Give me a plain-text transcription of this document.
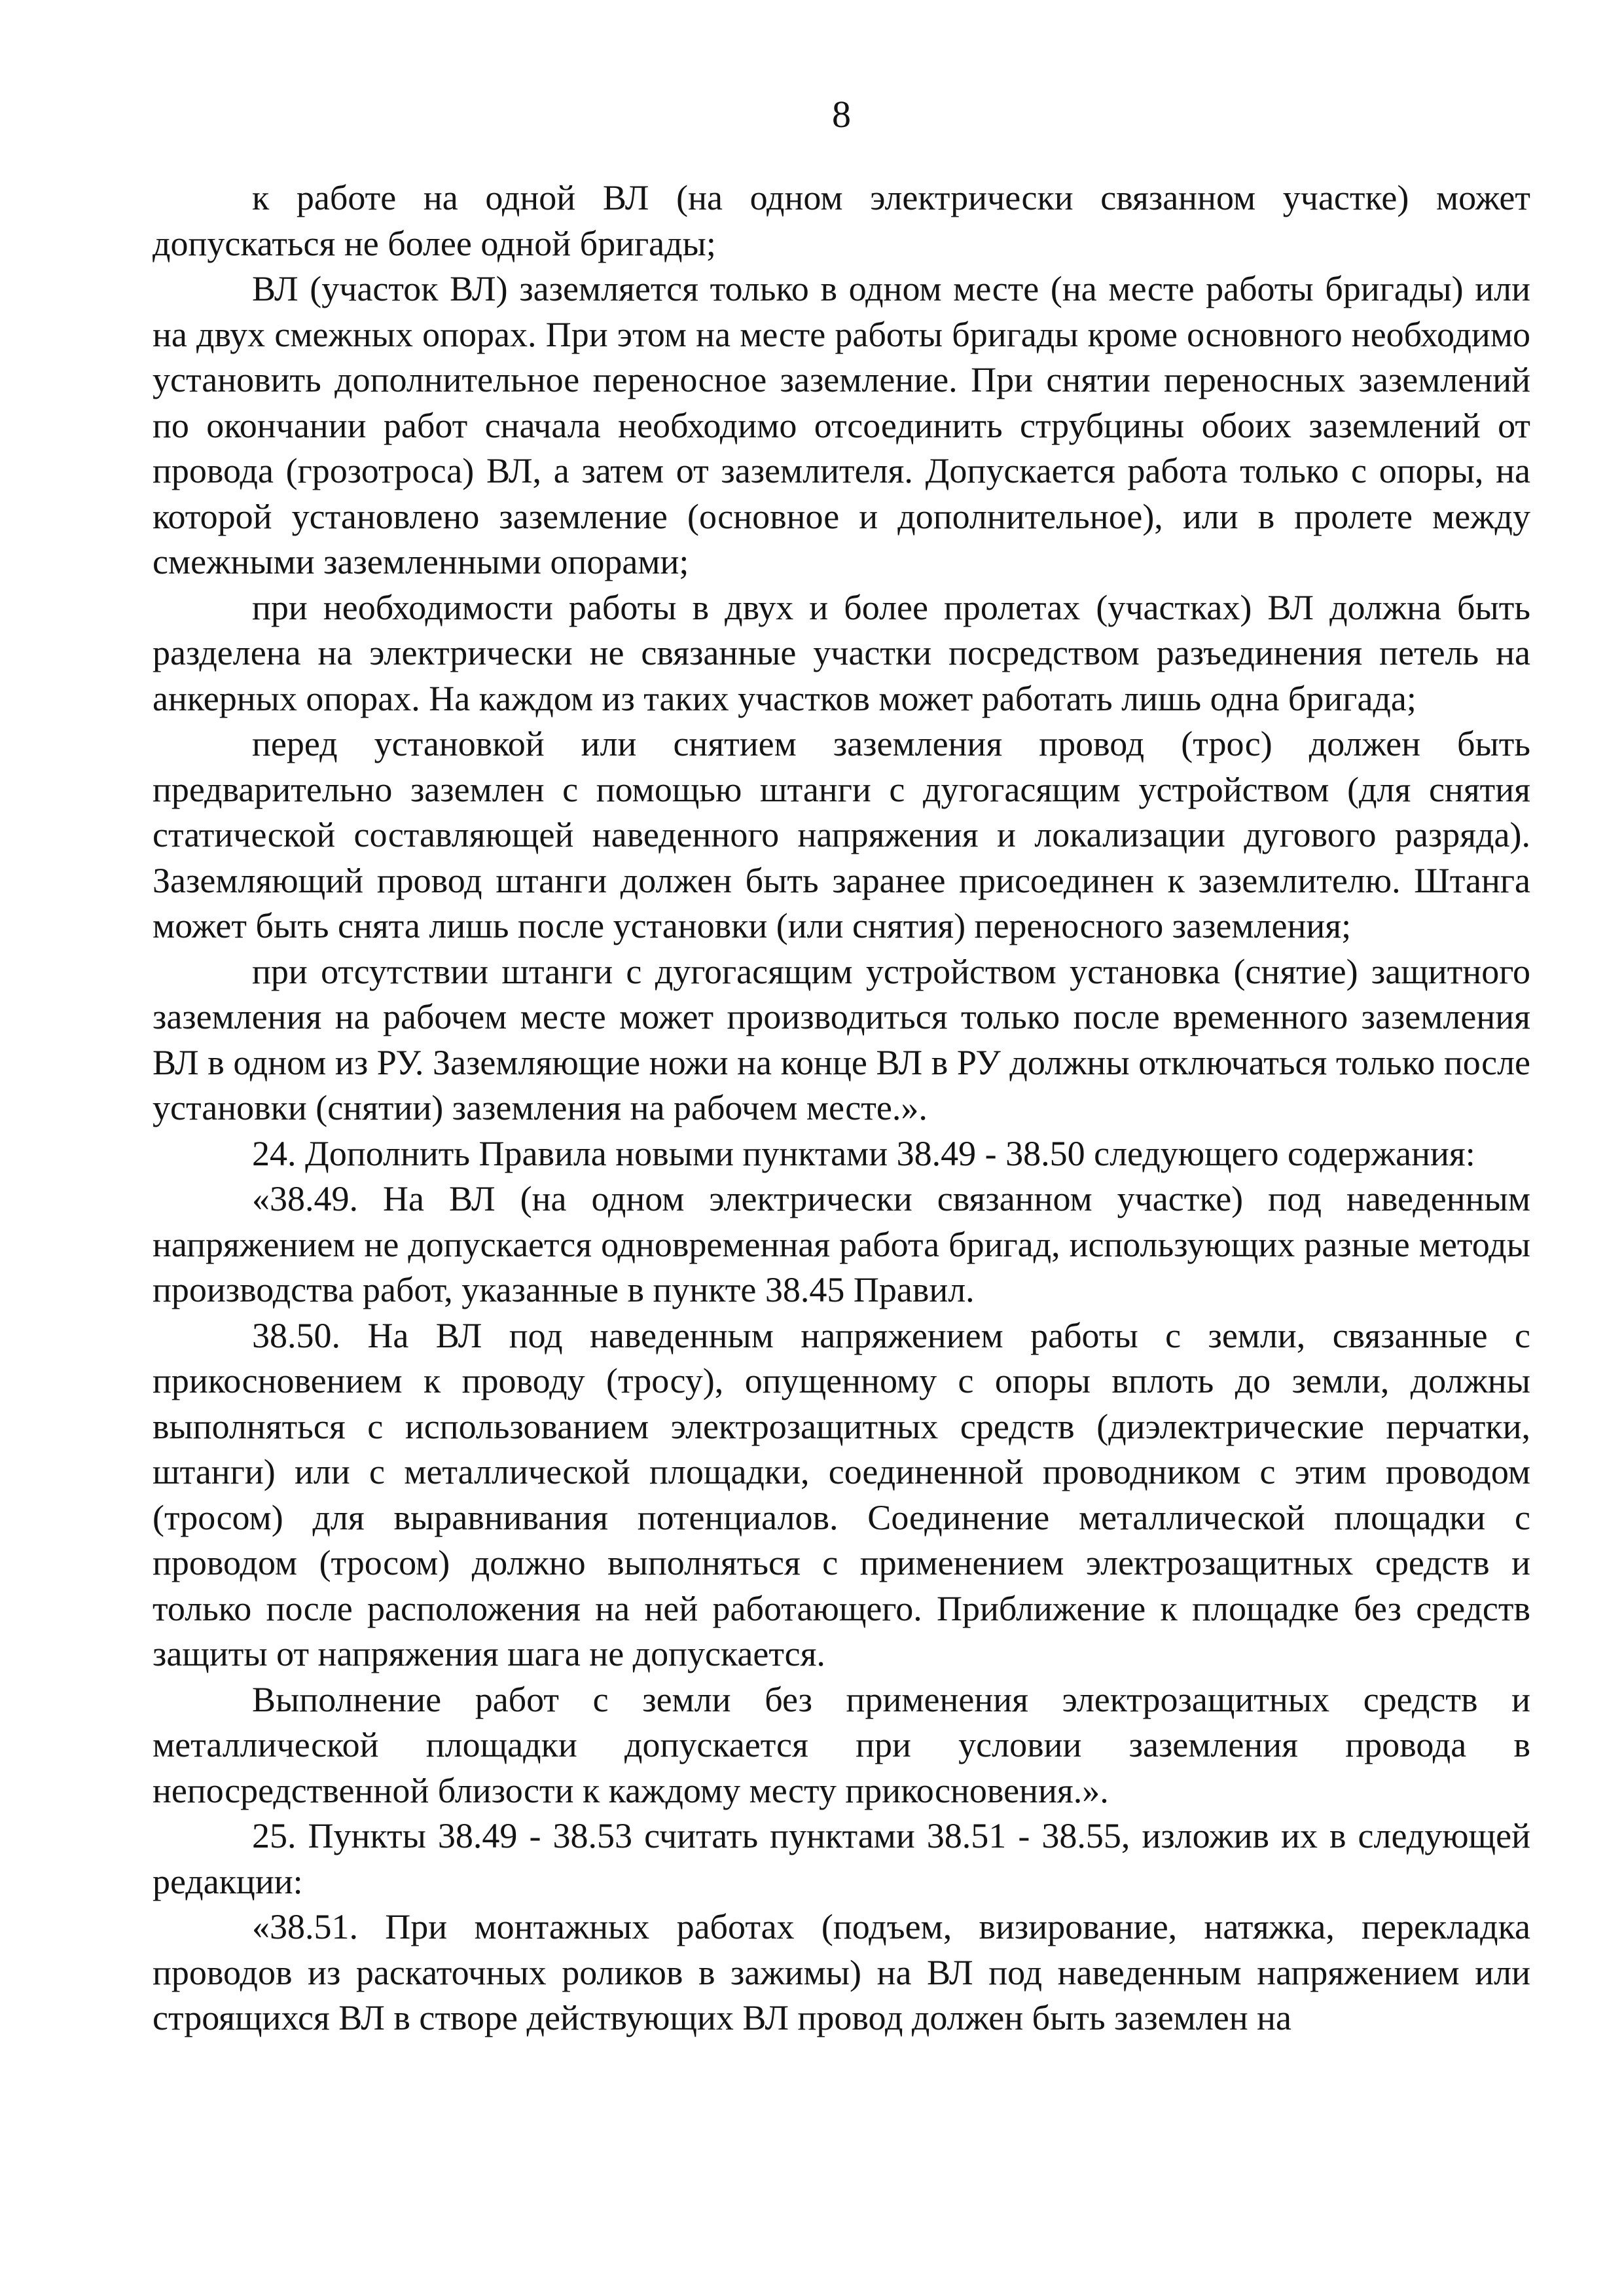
8

к работе на одной ВЛ (на одном электрически связанном участке) может допускаться не более одной бригады;

ВЛ (участок ВЛ) заземляется только в одном месте (на месте работы бригады) или на двух смежных опорах. При этом на месте работы бригады кроме основного необходимо установить дополнительное переносное заземление. При снятии переносных заземлений по окончании работ сначала необходимо отсоединить струбцины обоих заземлений от провода (грозотроса) ВЛ, а затем от заземлителя. Допускается работа только с опоры, на которой установлено заземление (основное и дополнительное), или в пролете между смежными заземленными опорами;

при необходимости работы в двух и более пролетах (участках) ВЛ должна быть разделена на электрически не связанные участки посредством разъединения петель на анкерных опорах. На каждом из таких участков может работать лишь одна бригада;

перед установкой или снятием заземления провод (трос) должен быть предварительно заземлен с помощью штанги с дугогасящим устройством (для снятия статической составляющей наведенного напряжения и локализации дугового разряда). Заземляющий провод штанги должен быть заранее присоединен к заземлителю. Штанга может быть снята лишь после установки (или снятия) переносного заземления;

при отсутствии штанги с дугогасящим устройством установка (снятие) защитного заземления на рабочем месте может производиться только после временного заземления ВЛ в одном из РУ. Заземляющие ножи на конце ВЛ в РУ должны отключаться только после установки (снятии) заземления на рабочем месте.».

24. Дополнить Правила новыми пунктами 38.49 - 38.50 следующего содержания:

«38.49. На ВЛ (на одном электрически связанном участке) под наведенным напряжением не допускается одновременная работа бригад, использующих разные методы производства работ, указанные в пункте 38.45 Правил.

38.50. На ВЛ под наведенным напряжением работы с земли, связанные с прикосновением к проводу (тросу), опущенному с опоры вплоть до земли, должны выполняться с использованием электрозащитных средств (диэлектрические перчатки, штанги) или с металлической площадки, соединенной проводником с этим проводом (тросом) для выравнивания потенциалов. Соединение металлической площадки с проводом (тросом) должно выполняться с применением электрозащитных средств и только после расположения на ней работающего. Приближение к площадке без средств защиты от напряжения шага не допускается.

Выполнение работ с земли без применения электрозащитных средств и металлической площадки допускается при условии заземления провода в непосредственной близости к каждому месту прикосновения.».

25. Пункты 38.49 - 38.53 считать пунктами 38.51 - 38.55, изложив их в следующей редакции:

«38.51. При монтажных работах (подъем, визирование, натяжка, перекладка проводов из раскаточных роликов в зажимы) на ВЛ под наведенным напряжением или строящихся ВЛ в створе действующих ВЛ провод должен быть заземлен на
